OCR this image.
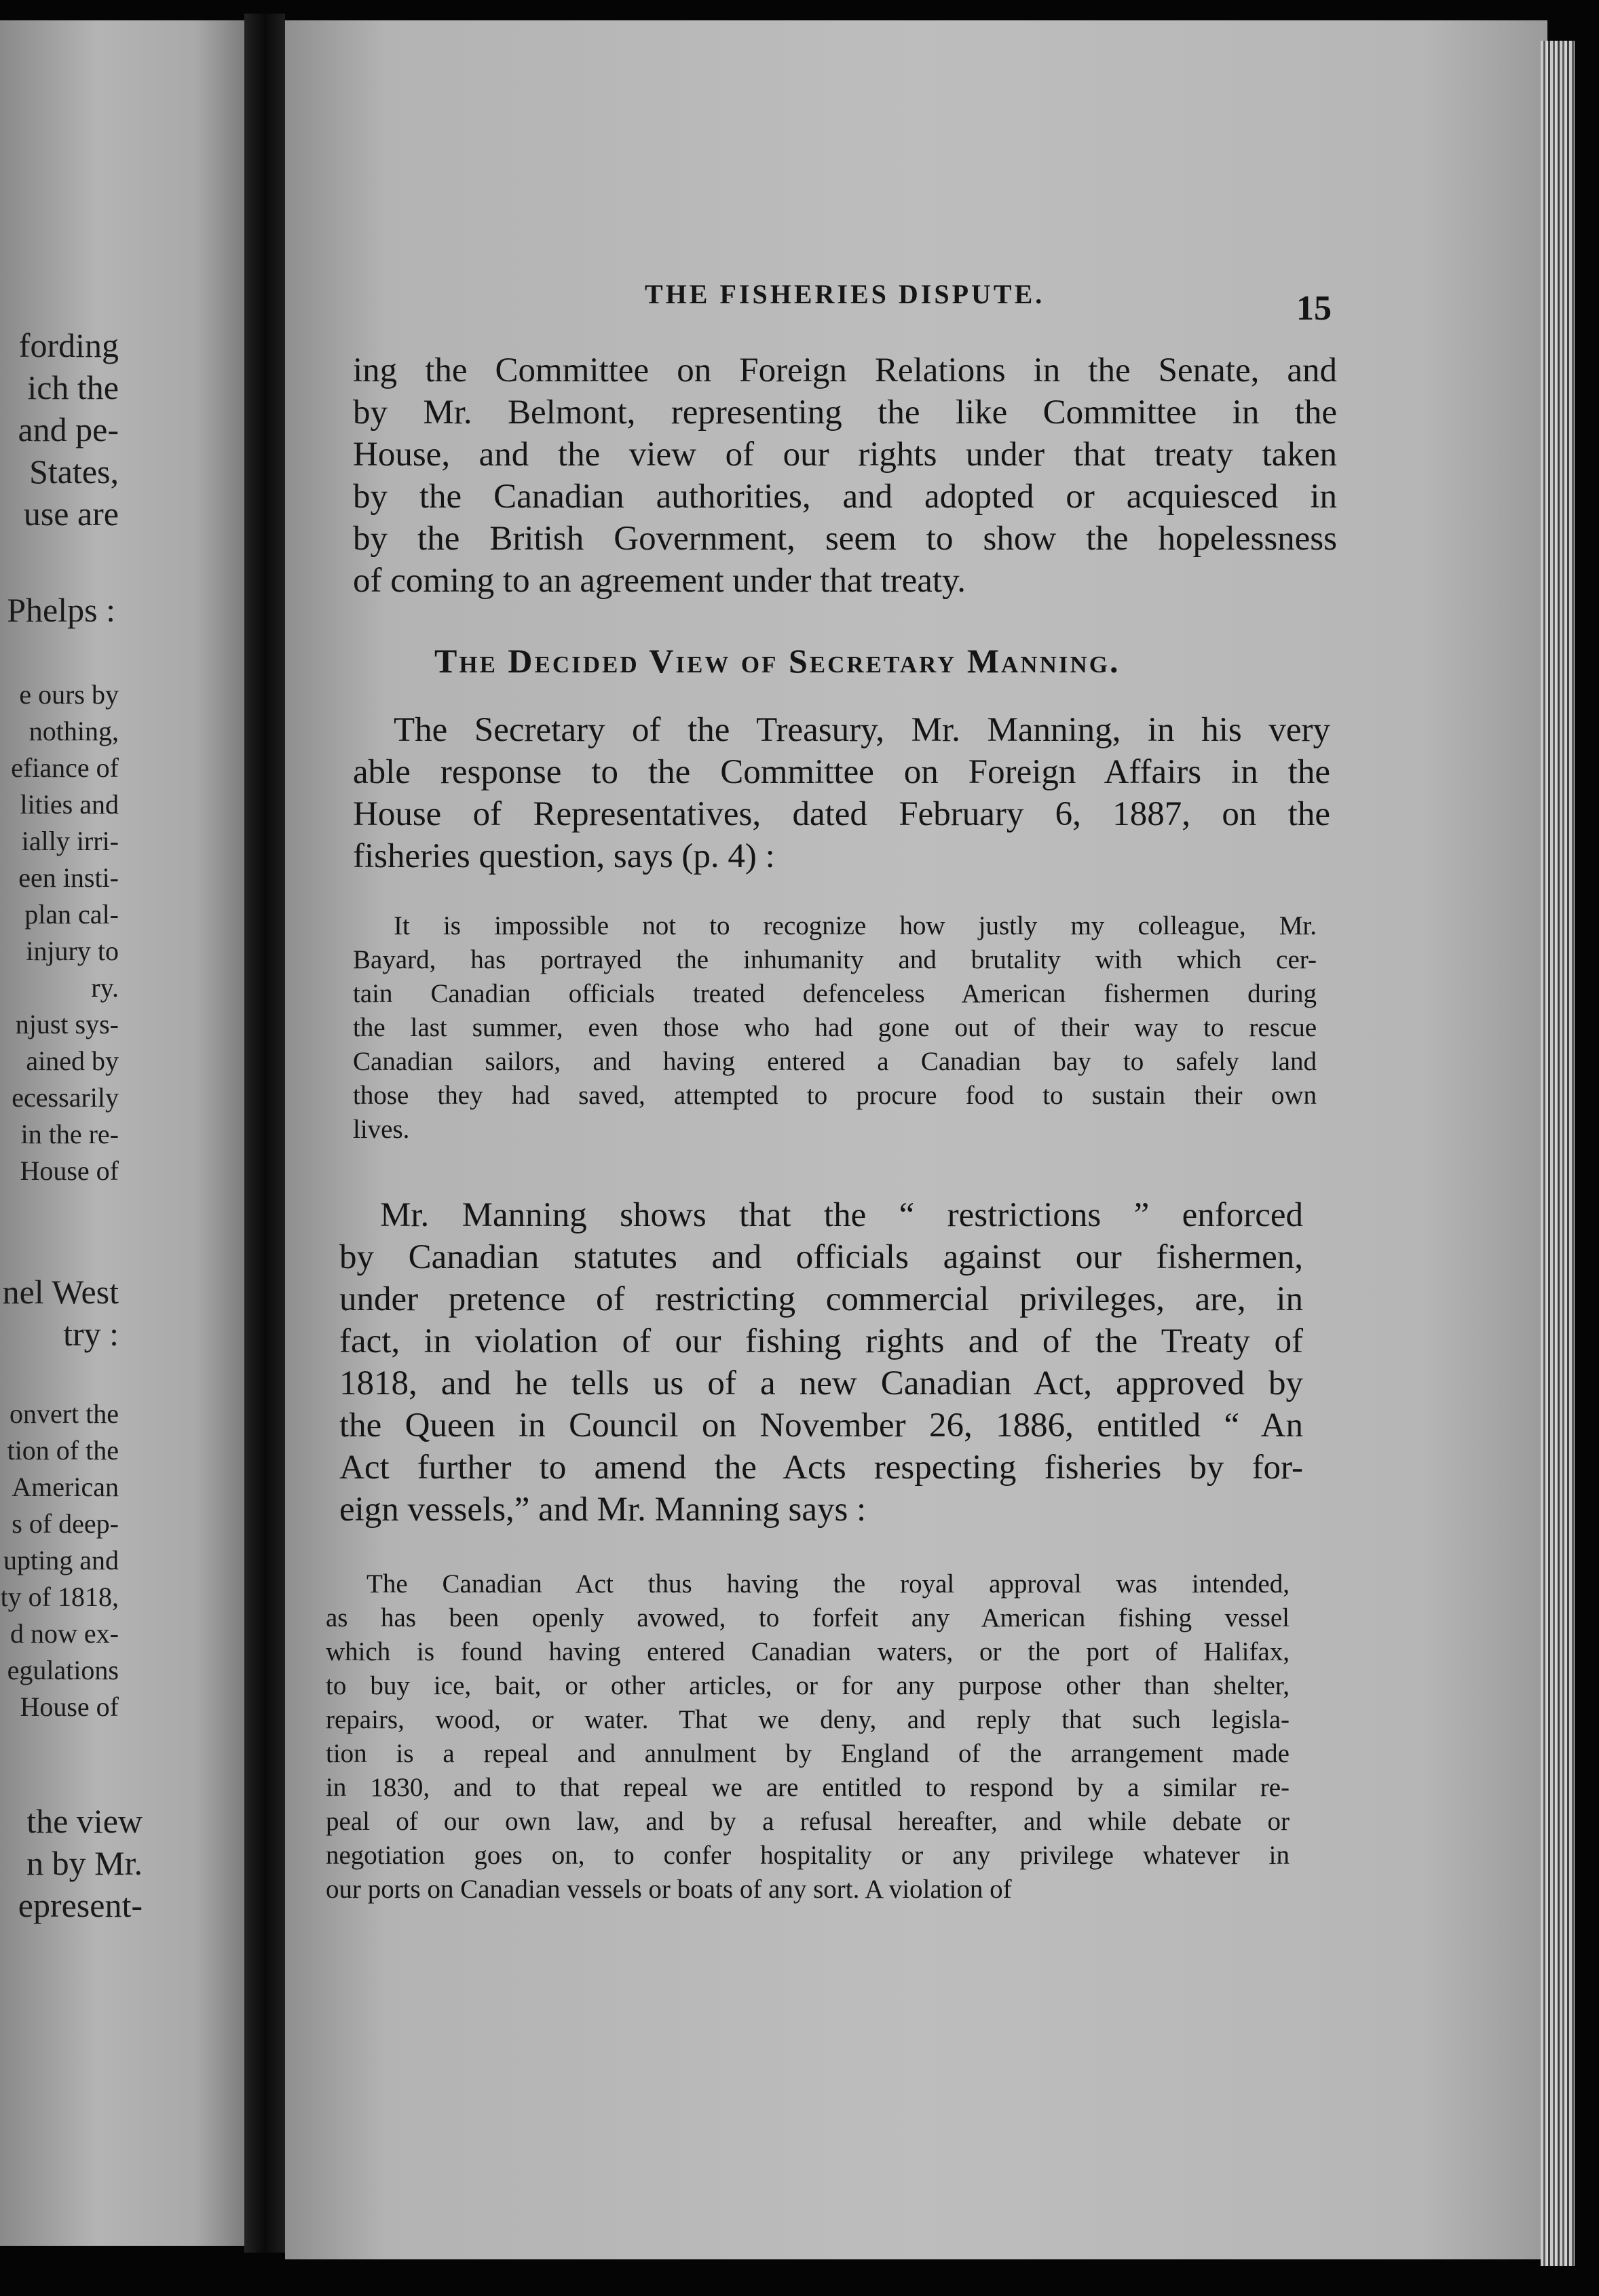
fording
ich the
and pe-
States,
use are
Phelps :
e ours by
nothing,
efiance of
lities and
ially irri-
een insti-
plan cal-
injury to
ry.
njust sys-
ained by
ecessarily
in the re-
House of
nel West
try :
onvert the
tion of the
American
s of deep-
upting and
ty of 1818,
d now ex-
egulations
House of
the view
n by Mr.
epresent-
THE FISHERIES DISPUTE.	15
ing the Committee on Foreign Relations in the Senate, and
by Mr. Belmont, representing the like Committee in the
House, and the view of our rights under that treaty taken
by the Canadian authorities, and adopted or acquiesced in
by the British Government, seem to show the hopelessness
of coming to an agreement under that treaty.
The Decided View of Secretary Manning.
The Secretary of the Treasury, Mr. Manning, in his very
able response to the Committee on Foreign Affairs in the
House of Representatives, dated February 6, 1887, on the
fisheries question, says (p. 4) :
It is impossible not to recognize how justly my colleague, Mr.
Bayard, has portrayed the inhumanity and brutality with which cer-
tain Canadian officials treated defenceless American fishermen during
the last summer, even those who had gone out of their way to rescue
Canadian sailors, and having entered a Canadian bay to safely land
those they had saved, attempted to procure food to sustain their own
lives.
Mr. Manning shows that the “ restrictions ” enforced
by Canadian statutes and officials against our fishermen,
under pretence of restricting commercial privileges, are, in
fact, in violation of our fishing rights and of the Treaty of
1818, and he tells us of a new Canadian Act, approved by
the Queen in Council on November 26, 1886, entitled “ An
Act further to amend the Acts respecting fisheries by for-
eign vessels,” and Mr. Manning says :
The Canadian Act thus having the royal approval was intended,
as has been openly avowed, to forfeit any American fishing vessel
which is found having entered Canadian waters, or the port of Halifax,
to buy ice, bait, or other articles, or for any purpose other than shelter,
repairs, wood, or water. That we deny, and reply that such legisla-
tion is a repeal and annulment by England of the arrangement made
in 1830, and to that repeal we are entitled to respond by a similar re-
peal of our own law, and by a refusal hereafter, and while debate or
negotiation goes on, to confer hospitality or any privilege whatever in
our ports on Canadian vessels or boats of any sort. A violation of
